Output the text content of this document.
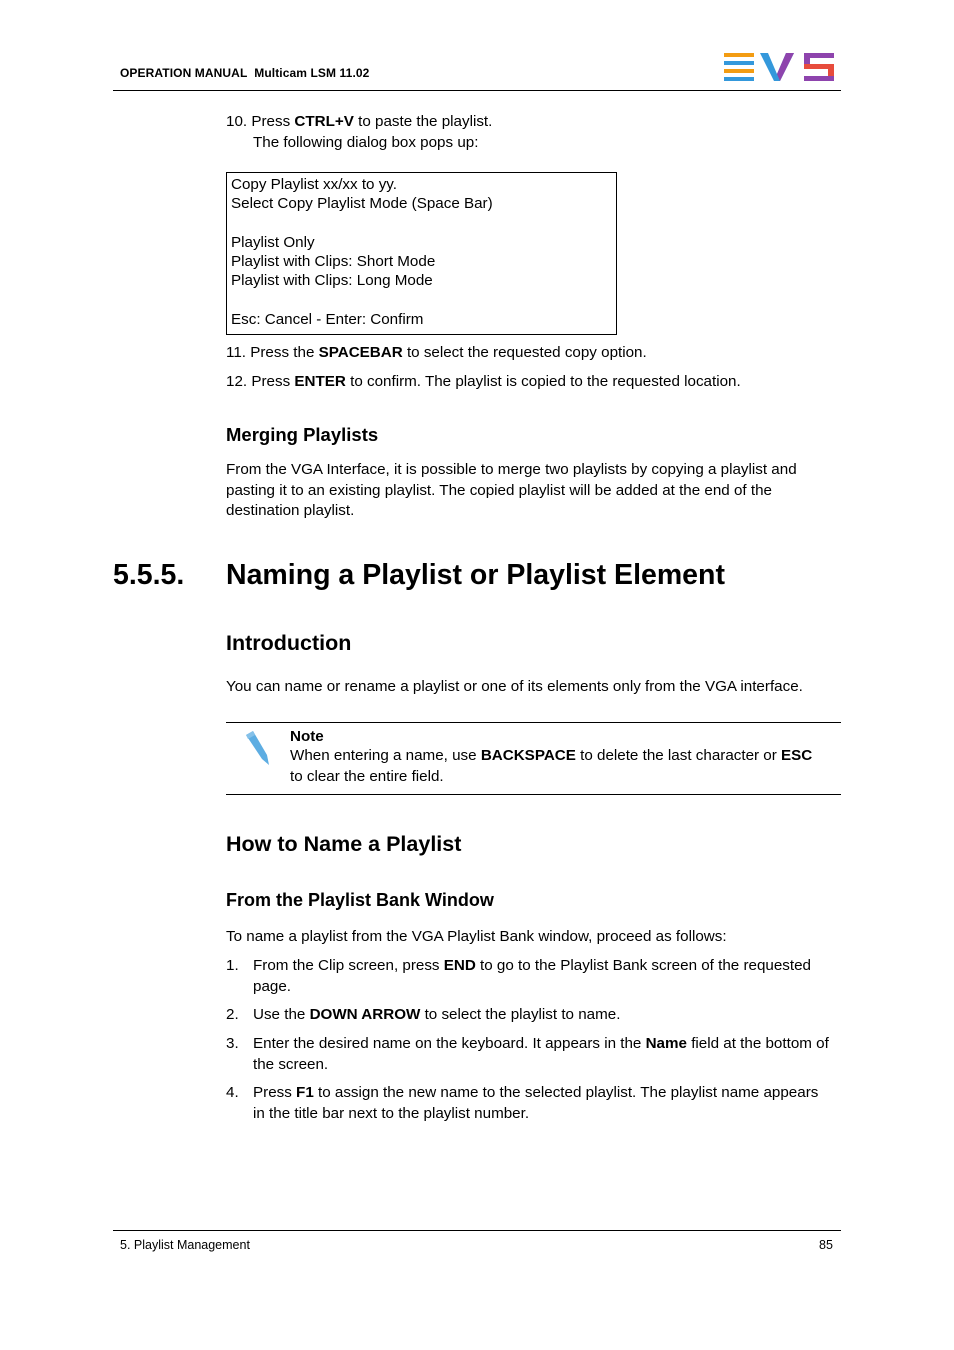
OPERATION MANUAL Multicam LSM 11.02
10. Press CTRL+V to paste the playlist.
The following dialog box pops up:
Copy Playlist xx/xx to yy.
Select Copy Playlist Mode (Space Bar)
Playlist Only
Playlist with Clips: Short Mode
Playlist with Clips: Long Mode
Esc: Cancel - Enter: Confirm
11. Press the SPACEBAR to select the requested copy option.
12. Press ENTER to confirm. The playlist is copied to the requested location.
Merging Playlists
From the VGA Interface, it is possible to merge two playlists by copying a playlist and
pasting it to an existing playlist. The copied playlist will be added at the end of the
destination playlist.
5.5.5. Naming a Playlist or Playlist Element
Introduction
You can name or rename a playlist or one of its elements only from the VGA interface.
Note
When entering a name, use BACKSPACE to delete the last character or ESC
to clear the entire field.
How to Name a Playlist
From the Playlist Bank Window
To name a playlist from the VGA Playlist Bank window, proceed as follows:
1. From the Clip screen, press END to go to the Playlist Bank screen of the requested
page.
2. Use the DOWN ARROW to select the playlist to name.
3. Enter the desired name on the keyboard. It appears in the Name field at the bottom of
the screen.
4. Press F1 to assign the new name to the selected playlist. The playlist name appears
in the title bar next to the playlist number.
5. Playlist Management	85
